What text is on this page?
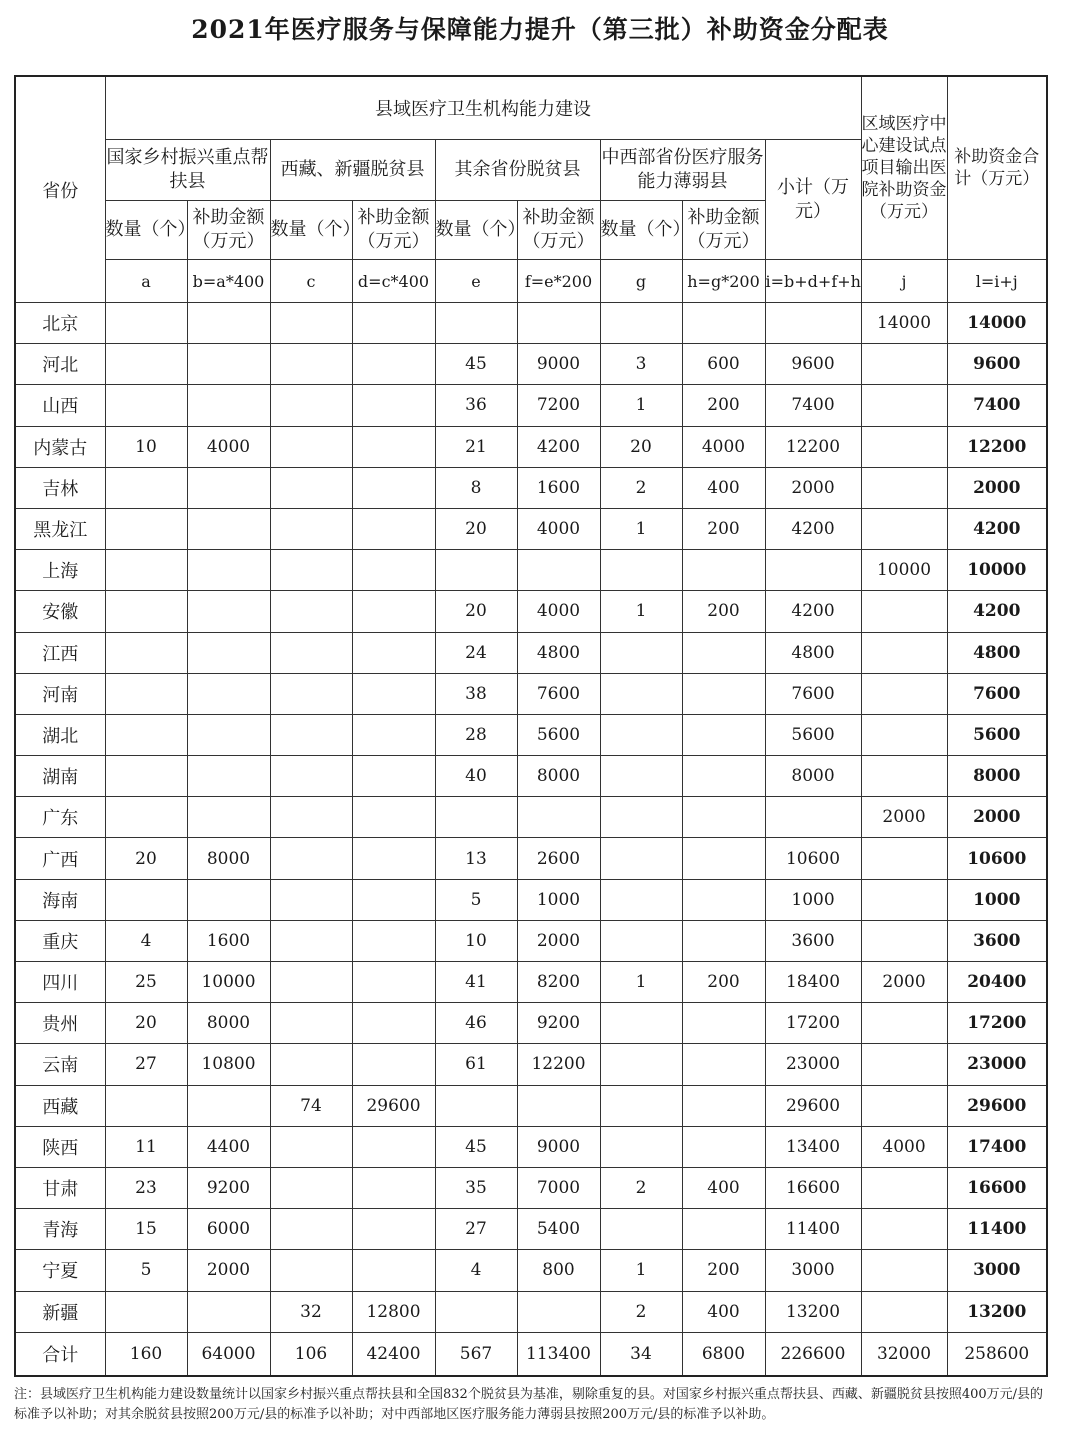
2021年医疗服务与保障能力提升（第三批）补助资金分配表
省份	县域医疗卫生机构能力建设									区域医疗中心建设试点项目输出医院补助资金（万元）	补助资金合计（万元）
	国家乡村振兴重点帮扶县		西藏、新疆脱贫县		其余省份脱贫县		中西部省份医疗服务能力薄弱县		小计（万元）		
	数量（个）	补助金额（万元）	数量（个）	补助金额（万元）	数量（个）	补助金额（万元）	数量（个）	补助金额（万元）			
	a	b=a*400	c	d=c*400	e	f=e*200	g	h=g*200	i=b+d+f+h	j	l=i+j
北京										14000	14000
河北					45	9000	3	600	9600		9600
山西					36	7200	1	200	7400		7400
内蒙古	10	4000			21	4200	20	4000	12200		12200
吉林					8	1600	2	400	2000		2000
黑龙江					20	4000	1	200	4200		4200
上海										10000	10000
安徽					20	4000	1	200	4200		4200
江西					24	4800			4800		4800
河南					38	7600			7600		7600
湖北					28	5600			5600		5600
湖南					40	8000			8000		8000
广东										2000	2000
广西	20	8000			13	2600			10600		10600
海南					5	1000			1000		1000
重庆	4	1600			10	2000			3600		3600
四川	25	10000			41	8200	1	200	18400	2000	20400
贵州	20	8000			46	9200			17200		17200
云南	27	10800			61	12200			23000		23000
西藏			74	29600					29600		29600
陕西	11	4400			45	9000			13400	4000	17400
甘肃	23	9200			35	7000	2	400	16600		16600
青海	15	6000			27	5400			11400		11400
宁夏	5	2000			4	800	1	200	3000		3000
新疆			32	12800			2	400	13200		13200
合计	160	64000	106	42400	567	113400	34	6800	226600	32000	258600
注：县域医疗卫生机构能力建设数量统计以国家乡村振兴重点帮扶县和全国832个脱贫县为基准，剔除重复的县。对国家乡村振兴重点帮扶县、西藏、新疆脱贫县按照400万元/县的标准予以补助；对其余脱贫县按照200万元/县的标准予以补助；对中西部地区医疗服务能力薄弱县按照200万元/县的标准予以补助。
